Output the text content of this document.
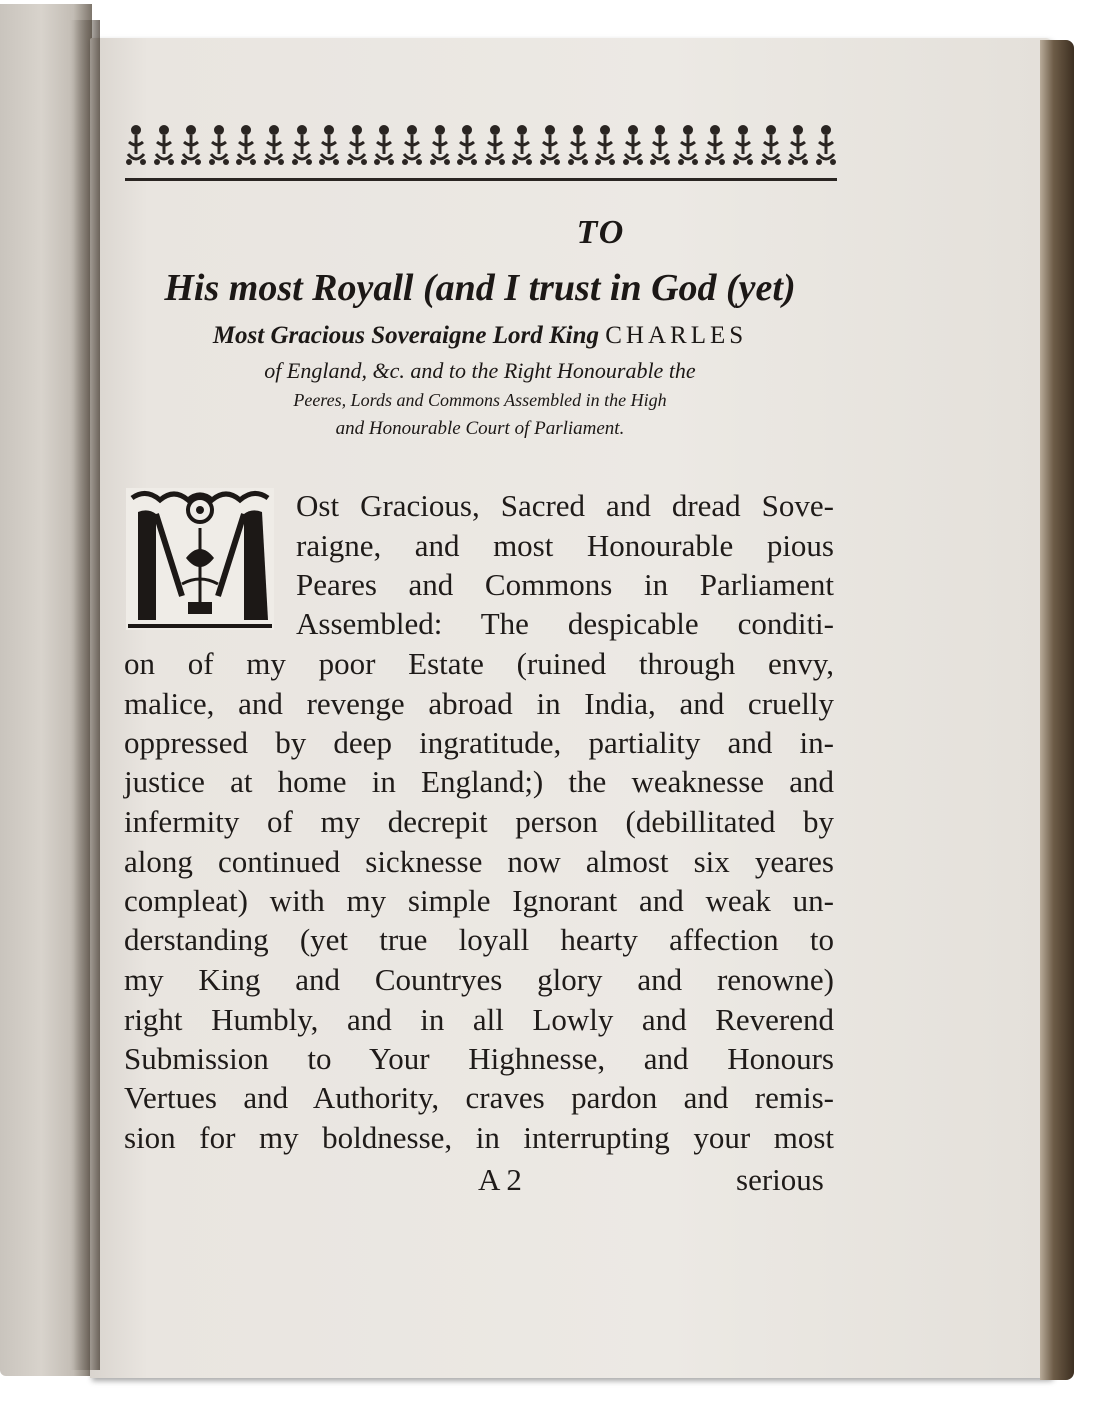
TO
His most Royall (and I trust in God (yet)
Most Gracious Soveraigne Lord King CHARLES
of England, &c. and to the Right Honourable the
Peeres, Lords and Commons Assembled in the High
and Honourable Court of Parliament.
Ost Gracious, Sacred and dread Sove-
raigne, and most Honourable pious
Peares and Commons in Parliament
Assembled: The despicable conditi-
on of my poor Estate (ruined through envy,
malice, and revenge abroad in India, and cruelly
oppressed by deep ingratitude, partiality and in-
justice at home in England;) the weaknesse and
infermity of my decrepit person (debillitated by
along continued sicknesse now almost six yeares
compleat) with my simple Ignorant and weak un-
derstanding (yet true loyall hearty affection to
my King and Countryes glory and renowne)
right Humbly, and in all Lowly and Reverend
Submission to Your Highnesse, and Honours
Vertues and Authority, craves pardon and remis-
sion for my boldnesse, in interrupting your most
A 2	serious
